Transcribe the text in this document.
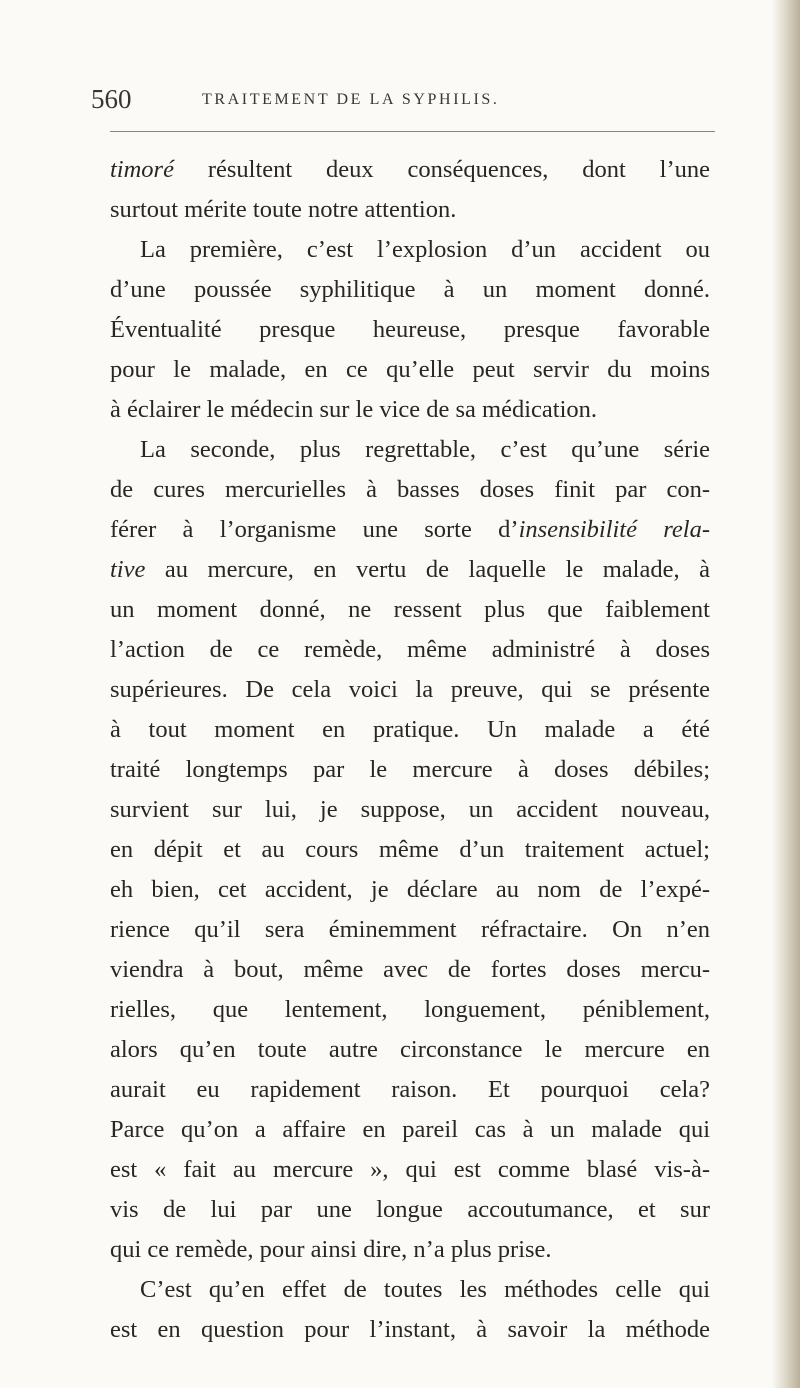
560	TRAITEMENT DE LA SYPHILIS.
timoré résultent deux conséquences, dont l’une
surtout mérite toute notre attention.
La première, c’est l’explosion d’un accident ou
d’une poussée syphilitique à un moment donné.
Éventualité presque heureuse, presque favorable
pour le malade, en ce qu’elle peut servir du moins
à éclairer le médecin sur le vice de sa médication.
La seconde, plus regrettable, c’est qu’une série
de cures mercurielles à basses doses finit par con-
férer à l’organisme une sorte d’insensibilité rela-
tive au mercure, en vertu de laquelle le malade, à
un moment donné, ne ressent plus que faiblement
l’action de ce remède, même administré à doses
supérieures. De cela voici la preuve, qui se présente
à tout moment en pratique. Un malade a été
traité longtemps par le mercure à doses débiles;
survient sur lui, je suppose, un accident nouveau,
en dépit et au cours même d’un traitement actuel;
eh bien, cet accident, je déclare au nom de l’expé-
rience qu’il sera éminemment réfractaire. On n’en
viendra à bout, même avec de fortes doses mercu-
rielles, que lentement, longuement, péniblement,
alors qu’en toute autre circonstance le mercure en
aurait eu rapidement raison. Et pourquoi cela?
Parce qu’on a affaire en pareil cas à un malade qui
est « fait au mercure », qui est comme blasé vis-à-
vis de lui par une longue accoutumance, et sur
qui ce remède, pour ainsi dire, n’a plus prise.
C’est qu’en effet de toutes les méthodes celle qui
est en question pour l’instant, à savoir la méthode
